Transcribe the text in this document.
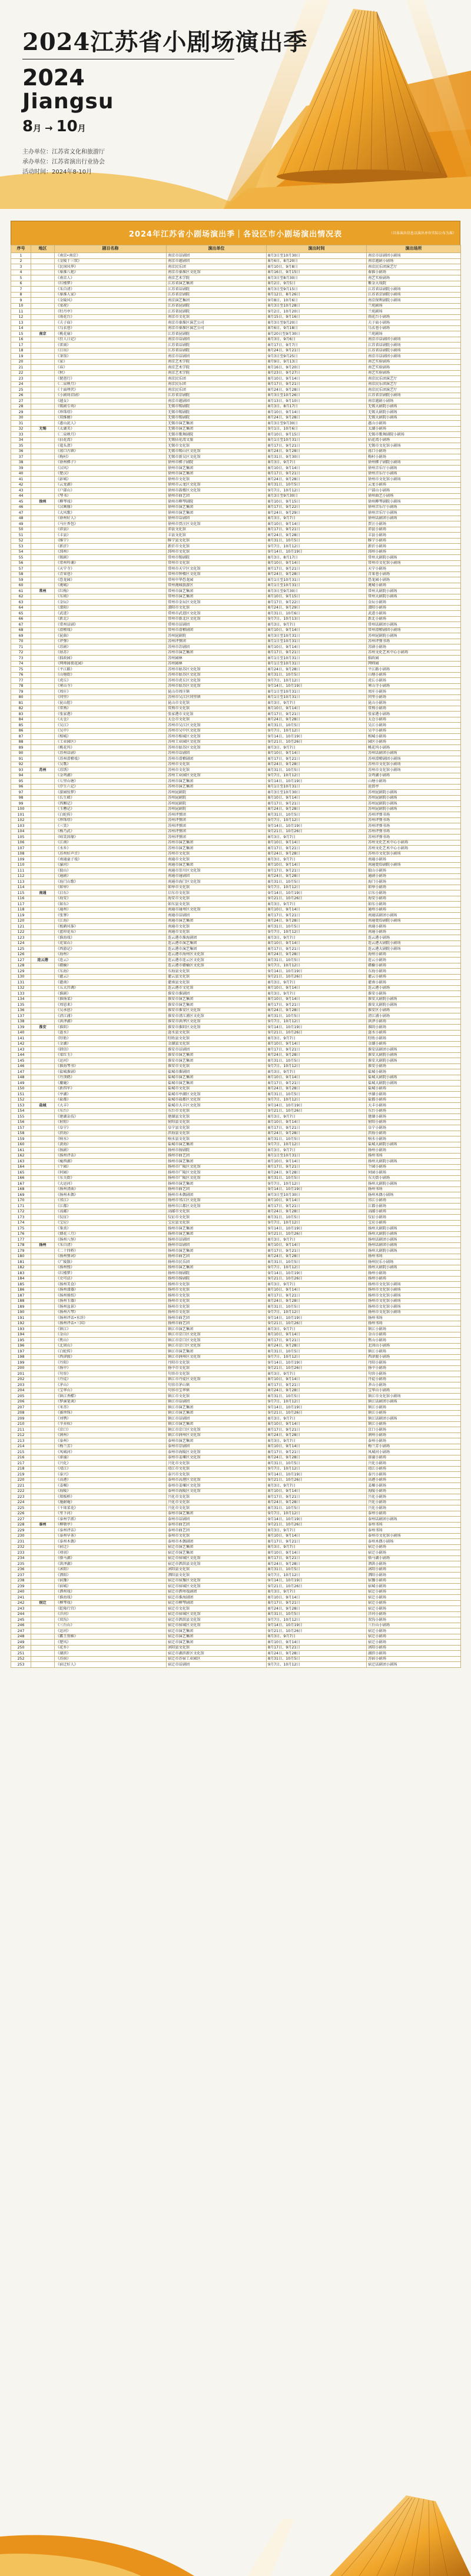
2024江苏省小剧场演出季
2024
Jiangsu
8月 → 10月
主办单位：江苏省文化和旅游厅
承办单位：江苏省演出行业协会
活动时间：2024年8-10月
2024年江苏省小剧场演出季｜各设区市小剧场演出情况表	（具体演出信息以演出单位实际公布为准）
序号	地区	剧目名称	演出单位	演出时间	演出场所
1		《南京•南京》	南京市话剧团	8月3日至10月30日	南京市话剧团小剧场
2		《金陵十三钗》	南京市越剧团	8月6日、8月20日	南京越剧小剧场
3		《民国风华》	南京民乐团	8月10日、9月8日	南京民乐团演艺厅
4		《秦淮八艳》	南京市秦淮区文化馆	8月16日、9月15日	秦淮小剧场
5		《南京人》	南京艺术学院	8月3日至8月30日	南艺实验剧场
6		《红楼梦》	江苏省演艺集团	8月2日、9月5日	紫金大戏院
7		《朱自清》	江苏省话剧院	8月3日至9月15日	江苏省话剧院小剧场
8		《秦淮人家》	江苏省京剧院	8月12日、8月26日	江苏省京剧院小剧场
9		《金陵风》	南京演艺集团	9月8日、10月6日	南京保利剧院小剧场
10		《梁祝》	江苏省昆剧院	8月3日至10月28日	兰苑剧场
11		《牡丹亭》	江苏省昆剧院	9月2日、10月20日	兰苑剧场
12		《雨花台》	南京市文化馆	8月15日、9月16日	雨花台小剧场
13		《夫子庙》	南京市秦淮区演艺公司	8月3日至9月20日	夫子庙小剧场
14		《乌衣巷》	南京市秦淮区演艺公司	8月6日、9月18日	乌衣巷小剧场
15	南京	《桃花扇》	江苏省昆剧院	8月20日至9月30日	兰苑剧场
16		《狂人日记》	南京市话剧团	8月3日、9月6日	南京市话剧团小剧场
17		《雷雨》	江苏省话剧院	8月17日、9月7日	江苏省话剧院小剧场
18		《日出》	江苏省话剧院	8月24日、9月21日	江苏省话剧院小剧场
19		《茶馆》	南京市话剧团	9月3日至9月25日	南京市话剧团小剧场
20		《家》	南京艺术学院	8月9日、9月13日	南艺实验剧场
21		《春》	南京艺术学院	8月16日、9月20日	南艺实验剧场
22		《秋》	南京艺术学院	8月23日、9月27日	南艺实验剧场
23		《琵琶行》	南京民乐团	8月10日、9月14日	南京民乐团演艺厅
24		《二泉映月》	南京民乐团	8月17日、9月21日	南京民乐团演艺厅
25		《十面埋伏》	南京民乐团	8月24日、9月28日	南京民乐团演艺厅
26		《小剧场京剧》	江苏省京剧院	8月3日至10月26日	江苏省京剧院小剧场
27		《越女》	南京市越剧团	8月13日、9月10日	南京越剧小剧场
28		《锡剧专场》	无锡市锡剧院	8月3日、8月17日	无锡大剧院小剧场
29		《珍珠塔》	无锡市锡剧院	8月10日、9月14日	无锡大剧院小剧场
30		《双推磨》	无锡市锡剧院	8月24日、9月28日	无锡大剧院小剧场
31		《惠山泥人》	无锡市演艺集团	8月3日至9月30日	惠山小剧场
32	无锡	《太湖美》	无锡市演艺集团	9月1日、10月6日	太湖小剧场
33		《二泉映月》	无锡市歌舞剧院	8月10日、9月15日	无锡市歌舞剧院小剧场
34		《拈花湾》	无锡拈花湾文旅	8月1日至10月31日	拈花湾小剧场
35		《鼋头渚》	无锡市文化馆	8月17日、9月21日	无锡市文化馆小剧场
36		《荡口古镇》	无锡市锡山区文化馆	8月24日、9月28日	荡口小剧场
37		《梅村》	无锡市新吴区文化馆	8月31日、9月30日	梅村小剧场
38		《徐州梆子》	徐州市梆子剧院	8月3日、9月7日	徐州梆子剧院小剧场
39		《汉风》	徐州市演艺集团	8月10日、9月14日	徐州音乐厅小剧场
40		《楚汉》	徐州市演艺集团	8月17日、9月21日	徐州音乐厅小剧场
41		《彭城》	徐州市文化馆	8月24日、9月28日	徐州市文化馆小剧场
42		《云龙湖》	徐州市云龙区文化馆	8月31日、10月5日	云龙小剧场
43		《户部山》	徐州市鼓楼区文化馆	9月7日、10月12日	户部山小剧场
44		《琴书》	徐州市曲艺团	8月3日至9月30日	徐州曲艺小剧场
45	徐州	《柳琴戏》	徐州市柳琴剧院	8月10日、9月15日	徐州柳琴剧院小剧场
46		《汉画像》	徐州市演艺集团	8月17日、9月22日	徐州音乐厅小剧场
47		《大风歌》	徐州市演艺集团	8月24日、9月29日	徐州音乐厅小剧场
48		《徐州好人》	徐州市话剧团	8月3日、9月7日	徐州话剧团小剧场
49		《马庄香包》	徐州市贾汪区文化馆	8月10日、9月14日	贾汪小剧场
50		《沛县》	沛县文化馆	8月17日、9月21日	沛县小剧场
51		《丰县》	丰县文化馆	8月24日、9月28日	丰县小剧场
52		《睢宁》	睢宁县文化馆	8月31日、10月5日	睢宁小剧场
53		《新沂》	新沂市文化馆	9月7日、10月12日	新沂小剧场
54		《邳州》	邳州市文化馆	9月14日、10月19日	邳州小剧场
55		《锡剧》	常州市锡剧院	8月3日、8月17日	常州大剧院小剧场
56		《常州吟诵》	常州市文化馆	8月10日、9月14日	常州市文化馆小剧场
57		《天宁寺》	常州市天宁区文化馆	8月17日、9月21日	天宁小剧场
58		《青果巷》	常州市钟楼区文化馆	8月24日、9月28日	青果巷小剧场
59		《恐龙园》	常州中华恐龙园	8月1日至10月31日	恐龙园小剧场
60		《淹城》	常州淹城旅游区	8月1日至10月31日	淹城小剧场
61	常州	《红梅》	常州市演艺集团	8月3日至9月30日	常州大剧院小剧场
62		《东坡》	常州市演艺集团	8月10日、9月15日	常州大剧院小剧场
63		《金坛》	常州市金坛区文化馆	8月17日、9月22日	金坛小剧场
64		《溧阳》	溧阳市文化馆	8月24日、9月29日	溧阳小剧场
65		《武进》	常州市武进区文化馆	8月31日、10月6日	武进小剧场
66		《新北》	常州市新北区文化馆	9月7日、10月13日	新北小剧场
67		《常州话剧》	常州市话剧团	8月3日、9月7日	常州话剧团小剧场
68		《滑稽戏》	常州市滑稽剧团	8月10日、9月14日	常州滑稽剧团小剧场
69		《昆曲》	苏州昆剧院	8月3日至10月31日	苏州昆剧院小剧场
70		《评弹》	苏州评弹团	8月1日至10月31日	苏州评弹书场
71		《苏剧》	苏州市苏剧团	8月10日、9月14日	苏剧小剧场
72		《姑苏》	苏州市演艺集团	8月17日、9月21日	苏州文化艺术中心小剧场
73		《拙政园》	苏州园林	8月1日至10月31日	拙政园
74		《网师园夜花园》	苏州园林	8月1日至10月31日	网师园
75		《平江路》	苏州市姑苏区文化馆	8月24日、9月28日	平江路小剧场
76		《山塘街》	苏州市姑苏区文化馆	8月31日、10月5日	山塘小剧场
77		《虎丘》	苏州市虎丘区文化馆	9月7日、10月12日	虎丘小剧场
78		《寒山寺》	苏州市姑苏区文化馆	9月14日、10月19日	寒山寺小剧场
79		《周庄》	昆山市周庄镇	8月1日至10月31日	周庄小剧场
80		《同里》	苏州市吴江区同里镇	8月1日至10月31日	同里小剧场
81		《昆山腔》	昆山市文化馆	8月3日、9月7日	昆山小剧场
82		《常熟》	常熟市文化馆	8月10日、9月14日	常熟小剧场
83		《张家港》	张家港市文化馆	8月17日、9月21日	张家港小剧场
84		《太仓》	太仓市文化馆	8月24日、9月28日	太仓小剧场
85		《吴江》	苏州市吴江区文化馆	8月31日、10月5日	吴江小剧场
86		《吴中》	苏州市吴中区文化馆	9月7日、10月12日	吴中小剧场
87		《相城》	苏州市相城区文化馆	9月14日、10月19日	相城小剧场
88		《工业园区》	苏州工业园区文化馆	9月21日、10月26日	园区小剧场
89		《桃花坞》	苏州市姑苏区文化馆	8月3日、9月7日	桃花坞小剧场
90		《苏州话剧》	苏州市话剧团	8月10日、9月14日	苏州话剧团小剧场
91		《苏州滑稽戏》	苏州市滑稽剧团	8月17日、9月21日	苏州滑稽剧团小剧场
92		《吴歌》	苏州市文化馆	8月24日、9月28日	苏州市文化馆小剧场
93	苏州	《苏绣》	苏州市文化馆	8月31日、10月5日	苏州市文化馆小剧场
94		《金鸡湖》	苏州工业园区文化馆	9月7日、10月12日	金鸡湖小剧场
95		《七里山塘》	苏州市演艺集团	9月14日、10月19日	山塘小剧场
96		《浮生六记》	苏州市演艺集团	8月1日至10月31日	沧浪亭
97		《游园惊梦》	苏州昆剧院	8月3日至10月30日	苏州昆剧院小剧场
98		《长生殿》	苏州昆剧院	8月10日、9月14日	苏州昆剧院小剧场
99		《西厢记》	苏州昆剧院	8月17日、9月21日	苏州昆剧院小剧场
100		《玉簪记》	苏州昆剧院	8月24日、9月28日	苏州昆剧院小剧场
101		《白蛇传》	苏州评弹团	8月31日、10月5日	苏州评弹书场
102		《珍珠塔》	苏州评弹团	9月7日、10月12日	苏州评弹书场
103		《三笑》	苏州评弹团	9月14日、10月19日	苏州评弹书场
104		《杨乃武》	苏州评弹团	9月21日、10月26日	苏州评弹书场
105		《啼笑因缘》	苏州评弹团	8月3日、9月7日	苏州评弹书场
106		《江南》	苏州市演艺集团	8月10日、9月14日	苏州文化艺术中心小剧场
107		《水乡》	苏州市演艺集团	8月17日、9月21日	苏州文化艺术中心小剧场
108		《苏州好声音》	苏州市文化馆	8月24日、9月28日	苏州市文化馆小剧场
109		《南通童子戏》	南通市文化馆	8月3日、9月7日	南通小剧场
110		《濠河》	南通市演艺集团	8月10日、9月14日	南通更俗剧院小剧场
111		《狼山》	南通市崇川区文化馆	8月17日、9月21日	狼山小剧场
112		《通剧》	南通市通剧团	8月24日、9月28日	通剧小剧场
113		《海门山歌》	南通市海门区文化馆	8月31日、10月5日	海门小剧场
114		《如皋》	如皋市文化馆	9月7日、10月12日	如皋小剧场
115	南通	《启东》	启东市文化馆	9月14日、10月19日	启东小剧场
116		《海安》	海安市文化馆	9月21日、10月26日	海安小剧场
117		《如东》	如东县文化馆	8月3日、9月7日	如东小剧场
118		《通州》	南通市通州区文化馆	8月10日、9月14日	通州小剧场
119		《张謇》	南通市话剧团	8月17日、9月21日	南通话剧团小剧场
120		《江海》	南通市演艺集团	8月24日、9月28日	南通更俗剧院小剧场
121		《板鹞风筝》	南通市文化馆	8月31日、10月5日	南通小剧场
122		《蓝印花布》	南通市文化馆	9月7日、10月12日	南通小剧场
123		《淮海戏》	连云港市淮海剧团	8月3日、9月7日	连云港小剧场
124		《花果山》	连云港市演艺集团	8月10日、9月14日	连云港大剧院小剧场
125		《西游记》	连云港市演艺集团	8月17日、9月21日	连云港大剧院小剧场
126		《海州》	连云港市海州区文化馆	8月24日、9月28日	海州小剧场
127	连云港	《连云》	连云港市连云区文化馆	8月31日、10月5日	连云小剧场
128		《赣榆》	连云港市赣榆区文化馆	9月7日、10月12日	赣榆小剧场
129		《东海》	东海县文化馆	9月14日、10月19日	东海小剧场
130		《灌云》	灌云县文化馆	9月21日、10月26日	灌云小剧场
131		《灌南》	灌南县文化馆	8月3日、9月7日	灌南小剧场
132		《五大宫调》	连云港市文化馆	8月10日、9月14日	连云港小剧场
133		《淮剧》	淮安市淮剧团	8月3日、9月7日	淮安小剧场
134		《淮扬菜》	淮安市演艺集团	8月10日、9月14日	淮安大剧院小剧场
135		《周恩来》	淮安市演艺集团	8月17日、9月21日	淮安大剧院小剧场
136		《吴承恩》	淮安市淮安区文化馆	8月24日、9月28日	淮安区小剧场
137		《清江浦》	淮安市清江浦区文化馆	8月31日、10月5日	清江浦小剧场
138		《洪泽湖》	淮安市洪泽区文化馆	9月7日、10月12日	洪泽小剧场
139	淮安	《淮阴》	淮安市淮阴区文化馆	9月14日、10月19日	淮阴小剧场
140		《涟水》	涟水县文化馆	9月21日、10月26日	涟水小剧场
141		《盱眙》	盱眙县文化馆	8月3日、9月7日	盱眙小剧场
142		《金湖》	金湖县文化馆	8月10日、9月14日	金湖小剧场
143		《韩信》	淮安市话剧团	8月17日、9月21日	淮安话剧团小剧场
144		《梁红玉》	淮安市演艺集团	8月24日、9月28日	淮安大剧院小剧场
145		《运河》	淮安市演艺集团	8月31日、10月5日	淮安大剧院小剧场
146		《淮海琴书》	淮安市文化馆	9月7日、10月12日	淮安小剧场
147		《盐城淮剧》	盐城市淮剧团	8月3日、9月7日	盐城小剧场
148		《丹顶鹤》	盐城市演艺集团	8月10日、9月14日	盐城大剧院小剧场
149		《麋鹿》	盐城市演艺集团	8月17日、9月21日	盐城大剧院小剧场
150		《新四军》	盐城市文化馆	8月24日、9月28日	盐城小剧场
151		《亭湖》	盐城市亭湖区文化馆	8月31日、10月5日	亭湖小剧场
152		《盐都》	盐城市盐都区文化馆	9月7日、10月12日	盐都小剧场
153	盐城	《大丰》	盐城市大丰区文化馆	9月14日、10月19日	大丰小剧场
154		《东台》	东台市文化馆	9月21日、10月26日	东台小剧场
155		《建湖杂技》	建湖县文化馆	8月3日、9月7日	建湖小剧场
156		《射阳》	射阳县文化馆	8月10日、9月14日	射阳小剧场
157		《阜宁》	阜宁县文化馆	8月17日、9月21日	阜宁小剧场
158		《滨海》	滨海县文化馆	8月24日、9月28日	滨海小剧场
159		《响水》	响水县文化馆	8月31日、10月5日	响水小剧场
160		《黄海》	盐城市演艺集团	9月7日、10月12日	盐城大剧院小剧场
161		《扬剧》	扬州市扬剧院	8月3日、9月7日	扬州小剧场
162		《扬州评话》	扬州市曲艺团	8月1日至10月31日	扬州书场
163		《瘦西湖》	扬州市演艺集团	8月10日、9月14日	扬州大剧院小剧场
164		《个园》	扬州市广陵区文化馆	8月17日、9月21日	个园小剧场
165		《何园》	扬州市广陵区文化馆	8月24日、9月28日	何园小剧场
166		《东关街》	扬州市广陵区文化馆	8月31日、10月5日	东关街小剧场
167		《大运河》	扬州市演艺集团	9月7日、10月12日	扬州大剧院小剧场
168		《扬州清曲》	扬州市曲艺团	9月14日、10月19日	扬州书场
169		《扬州木偶》	扬州市木偶剧团	8月3日至10月30日	扬州木偶小剧场
170		《邗江》	扬州市邗江区文化馆	8月10日、9月14日	邗江小剧场
171		《江都》	扬州市江都区文化馆	8月17日、9月21日	江都小剧场
172		《高邮》	高邮市文化馆	8月24日、9月28日	高邮小剧场
173		《仪征》	仪征市文化馆	8月31日、10月5日	仪征小剧场
174		《宝应》	宝应县文化馆	9月7日、10月12日	宝应小剧场
175		《鉴真》	扬州市演艺集团	9月14日、10月19日	扬州大剧院小剧场
176		《烟花三月》	扬州市演艺集团	9月21日、10月26日	扬州大剧院小剧场
177		《扬州八怪》	扬州市话剧团	8月3日、9月7日	扬州话剧团小剧场
178	扬州	《朱自清》	扬州市话剧团	8月10日、9月14日	扬州话剧团小剧场
179		《二十四桥》	扬州市演艺集团	8月17日、9月21日	扬州大剧院小剧场
180		《扬州弹词》	扬州市曲艺团	8月24日、9月28日	扬州书场
181		《广陵散》	扬州市民乐团	8月31日、10月5日	扬州民乐小剧场
182		《扬州慢》	扬州市演艺集团	9月7日、10月12日	扬州大剧院小剧场
183		《红楼梦》	扬州市扬剧院	9月14日、10月19日	扬州小剧场
184		《史可法》	扬州市扬剧院	9月21日、10月26日	扬州小剧场
185		《扬州美食》	扬州市文化馆	8月3日、9月7日	扬州市文化馆小剧场
186		《扬州漆器》	扬州市文化馆	8月10日、9月14日	扬州市文化馆小剧场
187		《扬州剪纸》	扬州市文化馆	8月17日、9月21日	扬州市文化馆小剧场
188		《扬州玉器》	扬州市文化馆	8月24日、9月28日	扬州市文化馆小剧场
189		《扬州盆景》	扬州市文化馆	8月31日、10月5日	扬州市文化馆小剧场
190		《扬州古琴》	扬州市文化馆	9月7日、10月12日	扬州市文化馆小剧场
191		《扬州评话•水浒》	扬州市曲艺团	9月14日、10月19日	扬州书场
192		《扬州评话•三国》	扬州市曲艺团	9月21日、10月26日	扬州书场
193		《镇江》	镇江市演艺集团	8月3日、9月7日	镇江小剧场
194		《金山》	镇江市京口区文化馆	8月10日、9月14日	金山小剧场
195		《焦山》	镇江市京口区文化馆	8月17日、9月21日	焦山小剧场
196		《北固山》	镇江市京口区文化馆	8月24日、9月28日	北固山小剧场
197		《白蛇传》	镇江市演艺集团	8月31日、10月5日	镇江小剧场
198		《西津渡》	镇江市润州区文化馆	9月7日、10月12日	西津渡小剧场
199		《丹阳》	丹阳市文化馆	9月14日、10月19日	丹阳小剧场
200		《扬中》	扬中市文化馆	9月21日、10月26日	扬中小剧场
201		《句容》	句容市文化馆	8月3日、9月7日	句容小剧场
202		《丹徒》	镇江市丹徒区文化馆	8月10日、9月14日	丹徒小剧场
203		《茅山》	句容市茅山镇	8月17日、9月21日	茅山小剧场
204		《宝华山》	句容市宝华镇	8月24日、9月28日	宝华山小剧场
205		《镇江香醋》	镇江市文化馆	8月31日、10月5日	镇江市文化馆小剧场
206		《梦溪笔谈》	镇江市话剧团	9月7日、10月12日	镇江话剧团小剧场
207		《米芾》	镇江市演艺集团	9月14日、10月19日	镇江小剧场
208		《赛珍珠》	镇江市演艺集团	9月21日、10月26日	镇江小剧场
209		《刘鹗》	镇江市话剧团	8月3日、9月7日	镇江话剧团小剧场
210		《辛弃疾》	镇江市演艺集团	8月10日、9月14日	镇江小剧场
211		《京口》	镇江市京口区文化馆	8月17日、9月21日	京口小剧场
212		《润州》	镇江市润州区文化馆	8月24日、9月28日	润州小剧场
213		《泰州》	泰州市演艺集团	8月3日、9月7日	泰州小剧场
214		《梅兰芳》	泰州市京剧团	8月10日、9月14日	梅兰芳小剧场
215		《凤城河》	泰州市海陵区文化馆	8月17日、9月21日	凤城河小剧场
216		《溱潼》	泰州市姜堰区文化馆	8月24日、9月28日	溱潼小剧场
217		《兴化》	兴化市文化馆	8月31日、10月5日	兴化小剧场
218		《靖江》	靖江市文化馆	9月7日、10月12日	靖江小剧场
219		《泰兴》	泰兴市文化馆	9月14日、10月19日	泰兴小剧场
220		《高港》	泰州市高港区文化馆	9月21日、10月26日	高港小剧场
221		《姜堰》	泰州市姜堰区文化馆	8月3日、9月7日	姜堰小剧场
222		《海陵》	泰州市海陵区文化馆	8月10日、9月14日	海陵小剧场
223		《郑板桥》	兴化市文化馆	8月17日、9月21日	兴化小剧场
224		《施耐庵》	兴化市文化馆	8月24日、9月28日	兴化小剧场
225		《千垛菜花》	兴化市文化馆	8月31日、10月5日	兴化小剧场
226		《里下河》	泰州市演艺集团	9月7日、10月12日	泰州小剧场
227		《泰州学派》	泰州市话剧团	9月14日、10月19日	泰州话剧团小剧场
228	泰州	《柳敬亭》	泰州市曲艺团	9月21日、10月26日	泰州书场
229		《泰州评话》	泰州市曲艺团	8月3日、9月7日	泰州书场
230		《泰州早茶》	泰州市文化馆	8月10日、9月14日	泰州市文化馆小剧场
231		《泰州木偶》	泰州市木偶剧团	8月17日、9月21日	泰州木偶小剧场
232		《宿迁》	宿迁市演艺集团	8月3日、9月7日	宿迁小剧场
233		《项羽》	宿迁市演艺集团	8月10日、9月14日	宿迁小剧场
234		《骆马湖》	宿迁市宿城区文化馆	8月17日、9月21日	骆马湖小剧场
235		《洪泽湖》	宿迁市泗洪县文化馆	8月24日、9月28日	泗洪小剧场
236		《沭阳》	沭阳县文化馆	8月31日、10月5日	沭阳小剧场
237		《泗阳》	泗阳县文化馆	9月7日、10月12日	泗阳小剧场
238		《宿豫》	宿迁市宿豫区文化馆	9月14日、10月19日	宿豫小剧场
239		《宿城》	宿迁市宿城区文化馆	9月21日、10月26日	宿城小剧场
240		《泗州戏》	宿迁市泗州戏剧团	8月3日、9月7日	宿迁小剧场
241		《淮海戏》	宿迁市淮海剧团	8月10日、9月14日	宿迁小剧场
242	宿迁	《柳琴戏》	宿迁市柳琴剧团	8月17日、9月21日	宿迁小剧场
243		《乾隆行宫》	宿迁市文化馆	8月24日、9月28日	宿迁小剧场
244		《洋河》	宿迁市宿城区文化馆	8月31日、10月5日	洋河小剧场
245		《双沟》	宿迁市泗洪县文化馆	9月7日、10月12日	双沟小剧场
246		《三台山》	宿迁市宿城区文化馆	9月14日、10月19日	三台山小剧场
247		《运河》	宿迁市演艺集团	9月21日、10月26日	宿迁小剧场
248		《霸王别姬》	宿迁市演艺集团	8月3日、9月7日	宿迁小剧场
249		《楚风》	宿迁市演艺集团	8月10日、9月14日	宿迁小剧场
250		《花乡》	沭阳县文化馆	8月17日、9月21日	沭阳小剧场
251		《湖滨》	宿迁市湖滨新区文化馆	8月24日、9月28日	湖滨小剧场
252		《苏宿》	宿迁市苏宿工业园区	8月31日、10月5日	苏宿小剧场
253		《宿迁好人》	宿迁市话剧团	9月7日、10月12日	宿迁话剧团小剧场
